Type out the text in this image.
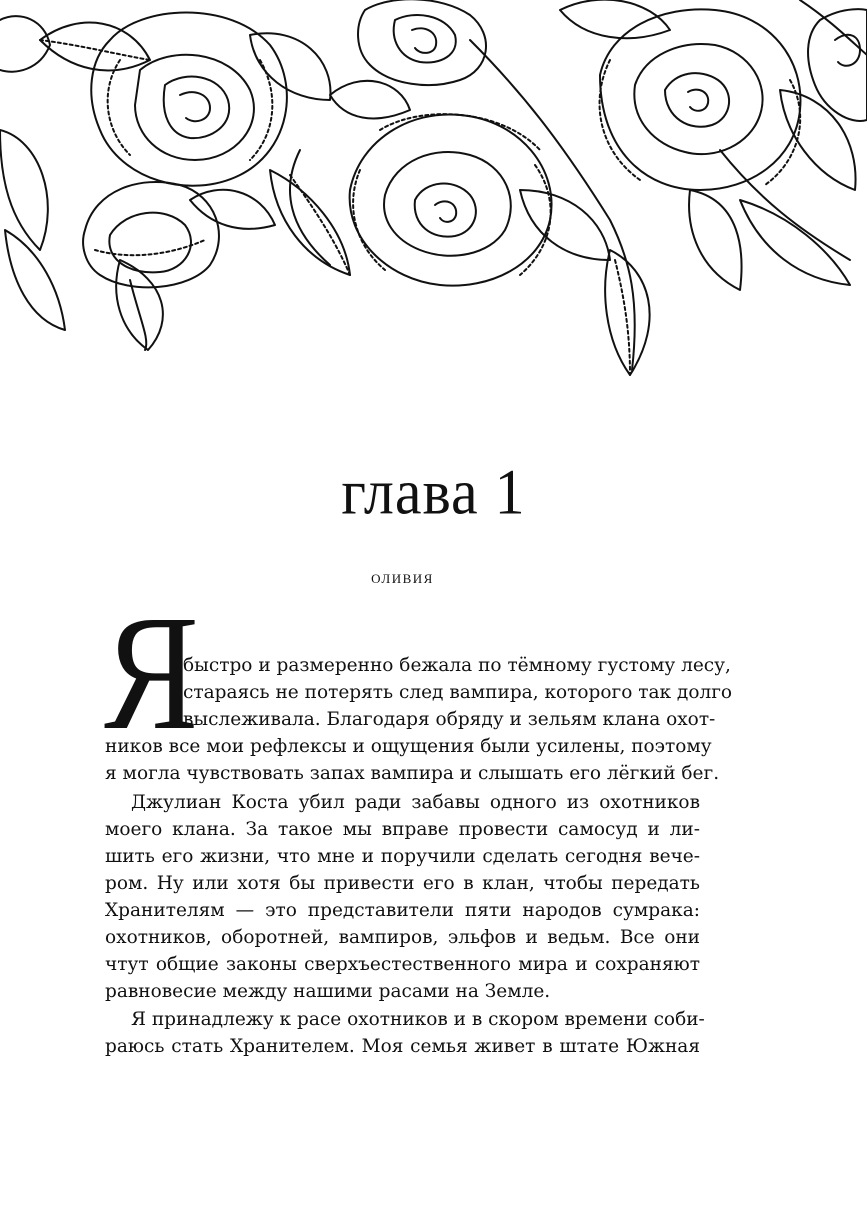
глава 1
оливия
Я
быстро и размеренно бежала по тёмному густому лесу,
стараясь не потерять след вампира, которого так долго
выслеживала. Благодаря обряду и зельям клана охот-
ников все мои рефлексы и ощущения были усилены, поэтому
я могла чувствовать запах вампира и слышать его лёгкий бег.
Джулиан Коста убил ради забавы одного из охотников
моего клана. За такое мы вправе провести самосуд и ли-
шить его жизни, что мне и поручили сделать сегодня вече-
ром. Ну или хотя бы привести его в клан, чтобы передать
Хранителям — это представители пяти народов сумрака:
охотников, оборотней, вампиров, эльфов и ведьм. Все они
чтут общие законы сверхъестественного мира и сохраняют
равновесие между нашими расами на Земле.
Я принадлежу к расе охотников и в скором времени соби-
раюсь стать Хранителем. Моя семья живет в штате Южная
